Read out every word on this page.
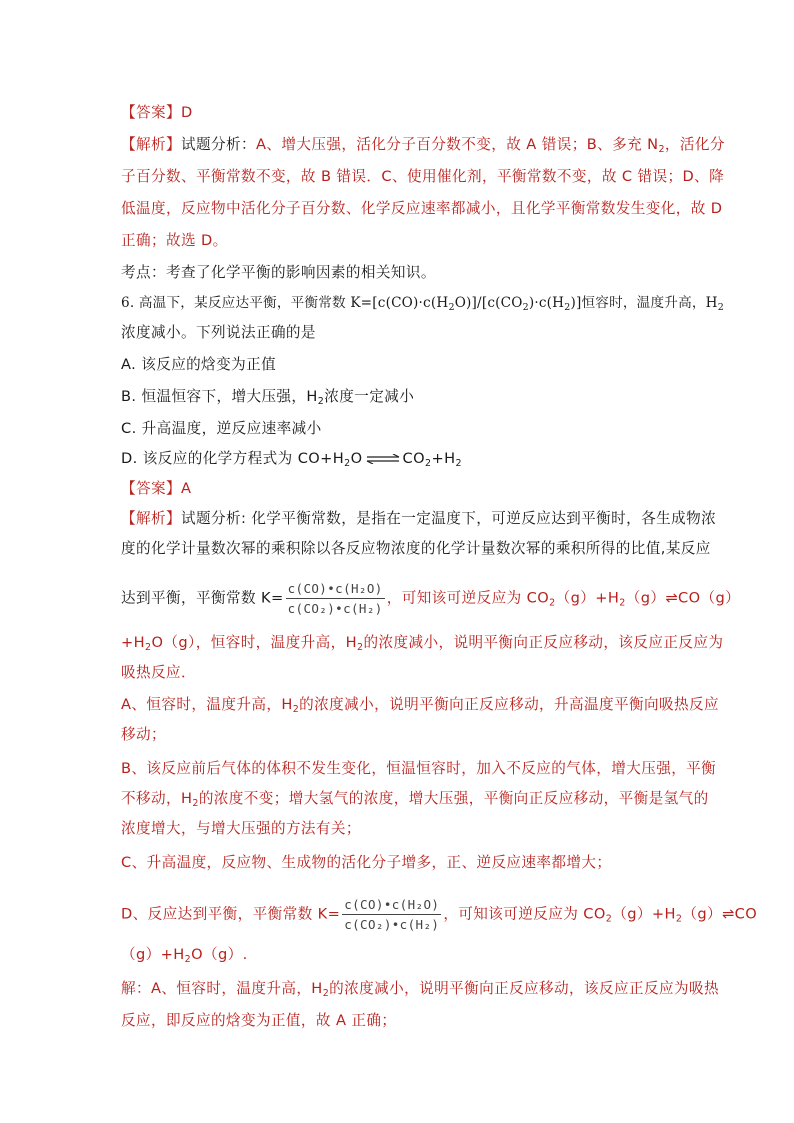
【答案】D
【解析】试题分析：A、增大压强，活化分子百分数不变，故 A 错误；B、多充 $N_2$，活化分
子百分数、平衡常数不变，故 B 错误．C、使用催化剂，平衡常数不变，故 C 错误；D、降
低温度，反应物中活化分子百分数、化学反应速率都减小，且化学平衡常数发生变化，故 D
正确；故选 D。
考点：考查了化学平衡的影响因素的相关知识。
6. 高温下，某反应达平衡，平衡常数 $K=[c(CO)\cdot c(H_2O)]/[c(CO_2)\cdot c(H_2)]$恒容时，温度升高，$H_2$
浓度减小。下列说法正确的是
A. 该反应的焓变为正值
B. 恒温恒容下，增大压强，$H_2$浓度一定减小
C. 升高温度，逆反应速率减小
D. 该反应的化学方程式为 $CO+H_2O$ ⇌ $CO_2+H_2$
【答案】A
【解析】试题分析: 化学平衡常数，是指在一定温度下，可逆反应达到平衡时，各生成物浓
度的化学计量数次幂的乘积除以各反应物浓度的化学计量数次幂的乘积所得的比值,某反应
达到平衡，平衡常数 $K= \frac{\text{c(CO)•c(H₂O)}}{\text{c(CO₂)•c(H₂)}}$ ，可知该可逆反应为 $CO_2(g)+H_2(g)\rightleftharpoons CO(g)$
$+H_2O(g)$，恒容时，温度升高，$H_2$的浓度减小，说明平衡向正反应移动，该反应正反应为
吸热反应．
A、恒容时，温度升高，$H_2$的浓度减小，说明平衡向正反应移动，升高温度平衡向吸热反应
移动；
B、该反应前后气体的体积不发生变化，恒温恒容时，加入不反应的气体，增大压强，平衡
不移动，$H_2$的浓度不变；增大氢气的浓度，增大压强，平衡向正反应移动，平衡是氢气的
浓度增大，与增大压强的方法有关；
C、升高温度，反应物、生成物的活化分子增多，正、逆反应速率都增大；
D、反应达到平衡，平衡常数 $K= \frac{\text{c(CO)•c(H₂O)}}{\text{c(CO₂)•c(H₂)}}$ ，可知该可逆反应为 $CO_2(g)+H_2(g)\rightleftharpoons CO$
$(g)+H_2O(g)$.
解：A、恒容时，温度升高，$H_2$的浓度减小，说明平衡向正反应移动，该反应正反应为吸热
反应，即反应的焓变为正值，故 A 正确；
